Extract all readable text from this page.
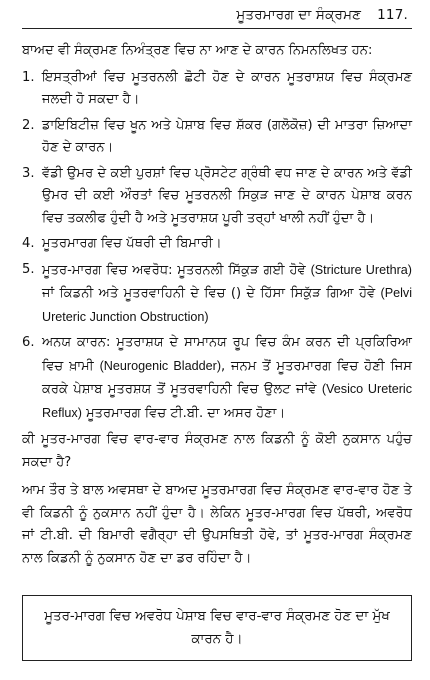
ਮੂਤਰਮਾਰਗ ਦਾ ਸੰਕ੍ਰਮਣ 117.

ਬਾਅਦ ਵੀ ਸੰਕ੍ਰਮਣ ਨਿਅੰਤ੍ਰਣ ਵਿਚ ਨਾ ਆਣ ਦੇ ਕਾਰਨ ਨਿਮਨਲਿਖਤ ਹਨ:

1. ਇਸਤ੍ਰੀਆਂ ਵਿਚ ਮੂਤਰਨਲੀ ਛੋਟੀ ਹੋਣ ਦੇ ਕਾਰਨ ਮੂਤਰਾਸ਼ਯ ਵਿਚ ਸੰਕ੍ਰਮਣ ਜਲਦੀ ਹੋ ਸਕਦਾ ਹੈ।

2. ਡਾਇਬਿਟੀਜ਼ ਵਿਚ ਖੂਨ ਅਤੇ ਪੇਸ਼ਾਬ ਵਿਚ ਸ਼ੱਕਰ (ਗਲੋਕੋਜ਼) ਦੀ ਮਾਤਰਾ ਜ਼ਿਆਦਾ ਹੋਣ ਦੇ ਕਾਰਨ।

3. ਵੱਡੀ ਉਮਰ ਦੇ ਕਈ ਪੁਰਸ਼ਾਂ ਵਿਚ ਪ੍ਰੋਸਟੇਟ ਗ੍ਰੰਥੀ ਵਧ ਜਾਣ ਦੇ ਕਾਰਨ ਅਤੇ ਵੱਡੀ ਉਮਰ ਦੀ ਕਈ ਔਰਤਾਂ ਵਿਚ ਮੂਤਰਨਲੀ ਸਿਕੁੜ ਜਾਣ ਦੇ ਕਾਰਨ ਪੇਸ਼ਾਬ ਕਰਨ ਵਿਚ ਤਕਲੀਫ ਹੁੰਦੀ ਹੈ ਅਤੇ ਮੂਤਰਾਸ਼ਯ ਪੂਰੀ ਤਰ੍ਹਾਂ ਖਾਲੀ ਨਹੀਂ ਹੁੰਦਾ ਹੈ।

4. ਮੂਤਰਮਾਰਗ ਵਿਚ ਪੱਥਰੀ ਦੀ ਬਿਮਾਰੀ।

5. ਮੂਤਰ-ਮਾਰਗ ਵਿਚ ਅਵਰੋਧ: ਮੂਤਰਨਲੀ ਸਿੱਕੁੜ ਗਈ ਹੋਵੇ (Stricture Urethra) ਜਾਂ ਕਿਡਨੀ ਅਤੇ ਮੂਤਰਵਾਹਿਨੀ ਦੇ ਵਿਚ () ਦੇ ਹਿੱਸਾ ਸਿਕੁੱੜ ਗਿਆ ਹੋਵੇ (Pelvi Ureteric Junction Obstruction)

6. ਅਨਯ ਕਾਰਨ: ਮੂਤਰਾਸ਼ਯ ਦੇ ਸਾਮਾਨਯ ਰੂਪ ਵਿਚ ਕੰਮ ਕਰਨ ਦੀ ਪ੍ਰਕਿਰਿਆ ਵਿਚ ਖ਼ਾਮੀ (Neurogenic Bladder), ਜਨਮ ਤੋਂ ਮੂਤਰਮਾਰਗ ਵਿਚ ਹੋਣੀ ਜਿਸ ਕਰਕੇ ਪੇਸ਼ਾਬ ਮੂਤਰਸ਼ਯ ਤੋਂ ਮੂਤਰਵਾਹਿਨੀ ਵਿਚ ਉਲਟ ਜਾਂਵੇ (Vesico Ureteric Reflux) ਮੂਤਰਮਾਰਗ ਵਿਚ ਟੀ.ਬੀ. ਦਾ ਅਸਰ ਹੋਣਾ।

ਕੀ ਮੂਤਰ-ਮਾਰਗ ਵਿਚ ਵਾਰ-ਵਾਰ ਸੰਕ੍ਰਮਣ ਨਾਲ ਕਿਡਨੀ ਨੂੰ ਕੋਈ ਨੁਕਸਾਨ ਪਹੁੰਚ ਸਕਦਾ ਹੈ?

ਆਮ ਤੌਰ ਤੇ ਬਾਲ ਅਵਸਥਾ ਦੇ ਬਾਅਦ ਮੂਤਰਮਾਰਗ ਵਿਚ ਸੰਕ੍ਰਮਣ ਵਾਰ-ਵਾਰ ਹੋਣ ਤੇ ਵੀ ਕਿਡਨੀ ਨੂੰ ਨੁਕਸਾਨ ਨਹੀਂ ਹੁੰਦਾ ਹੈ। ਲੇਕਿਨ ਮੂਤਰ-ਮਾਰਗ ਵਿਚ ਪੱਥਰੀ, ਅਵਰੋਧ ਜਾਂ ਟੀ.ਬੀ. ਦੀ ਬਿਮਾਰੀ ਵਗੈਰ੍ਹਾ ਦੀ ਉਪਸਥਿਤੀ ਹੋਵੇ, ਤਾਂ ਮੂਤਰ-ਮਾਰਗ ਸੰਕ੍ਰਮਣ ਨਾਲ ਕਿਡਨੀ ਨੂੰ ਨੁਕਸਾਨ ਹੋਣ ਦਾ ਡਰ ਰਹਿੰਦਾ ਹੈ।

ਮੂਤਰ-ਮਾਰਗ ਵਿਚ ਅਵਰੋਧ ਪੇਸ਼ਾਬ ਵਿਚ ਵਾਰ-ਵਾਰ ਸੰਕ੍ਰਮਣ ਹੋਣ ਦਾ ਮੁੱਖ ਕਾਰਨ ਹੈ।
